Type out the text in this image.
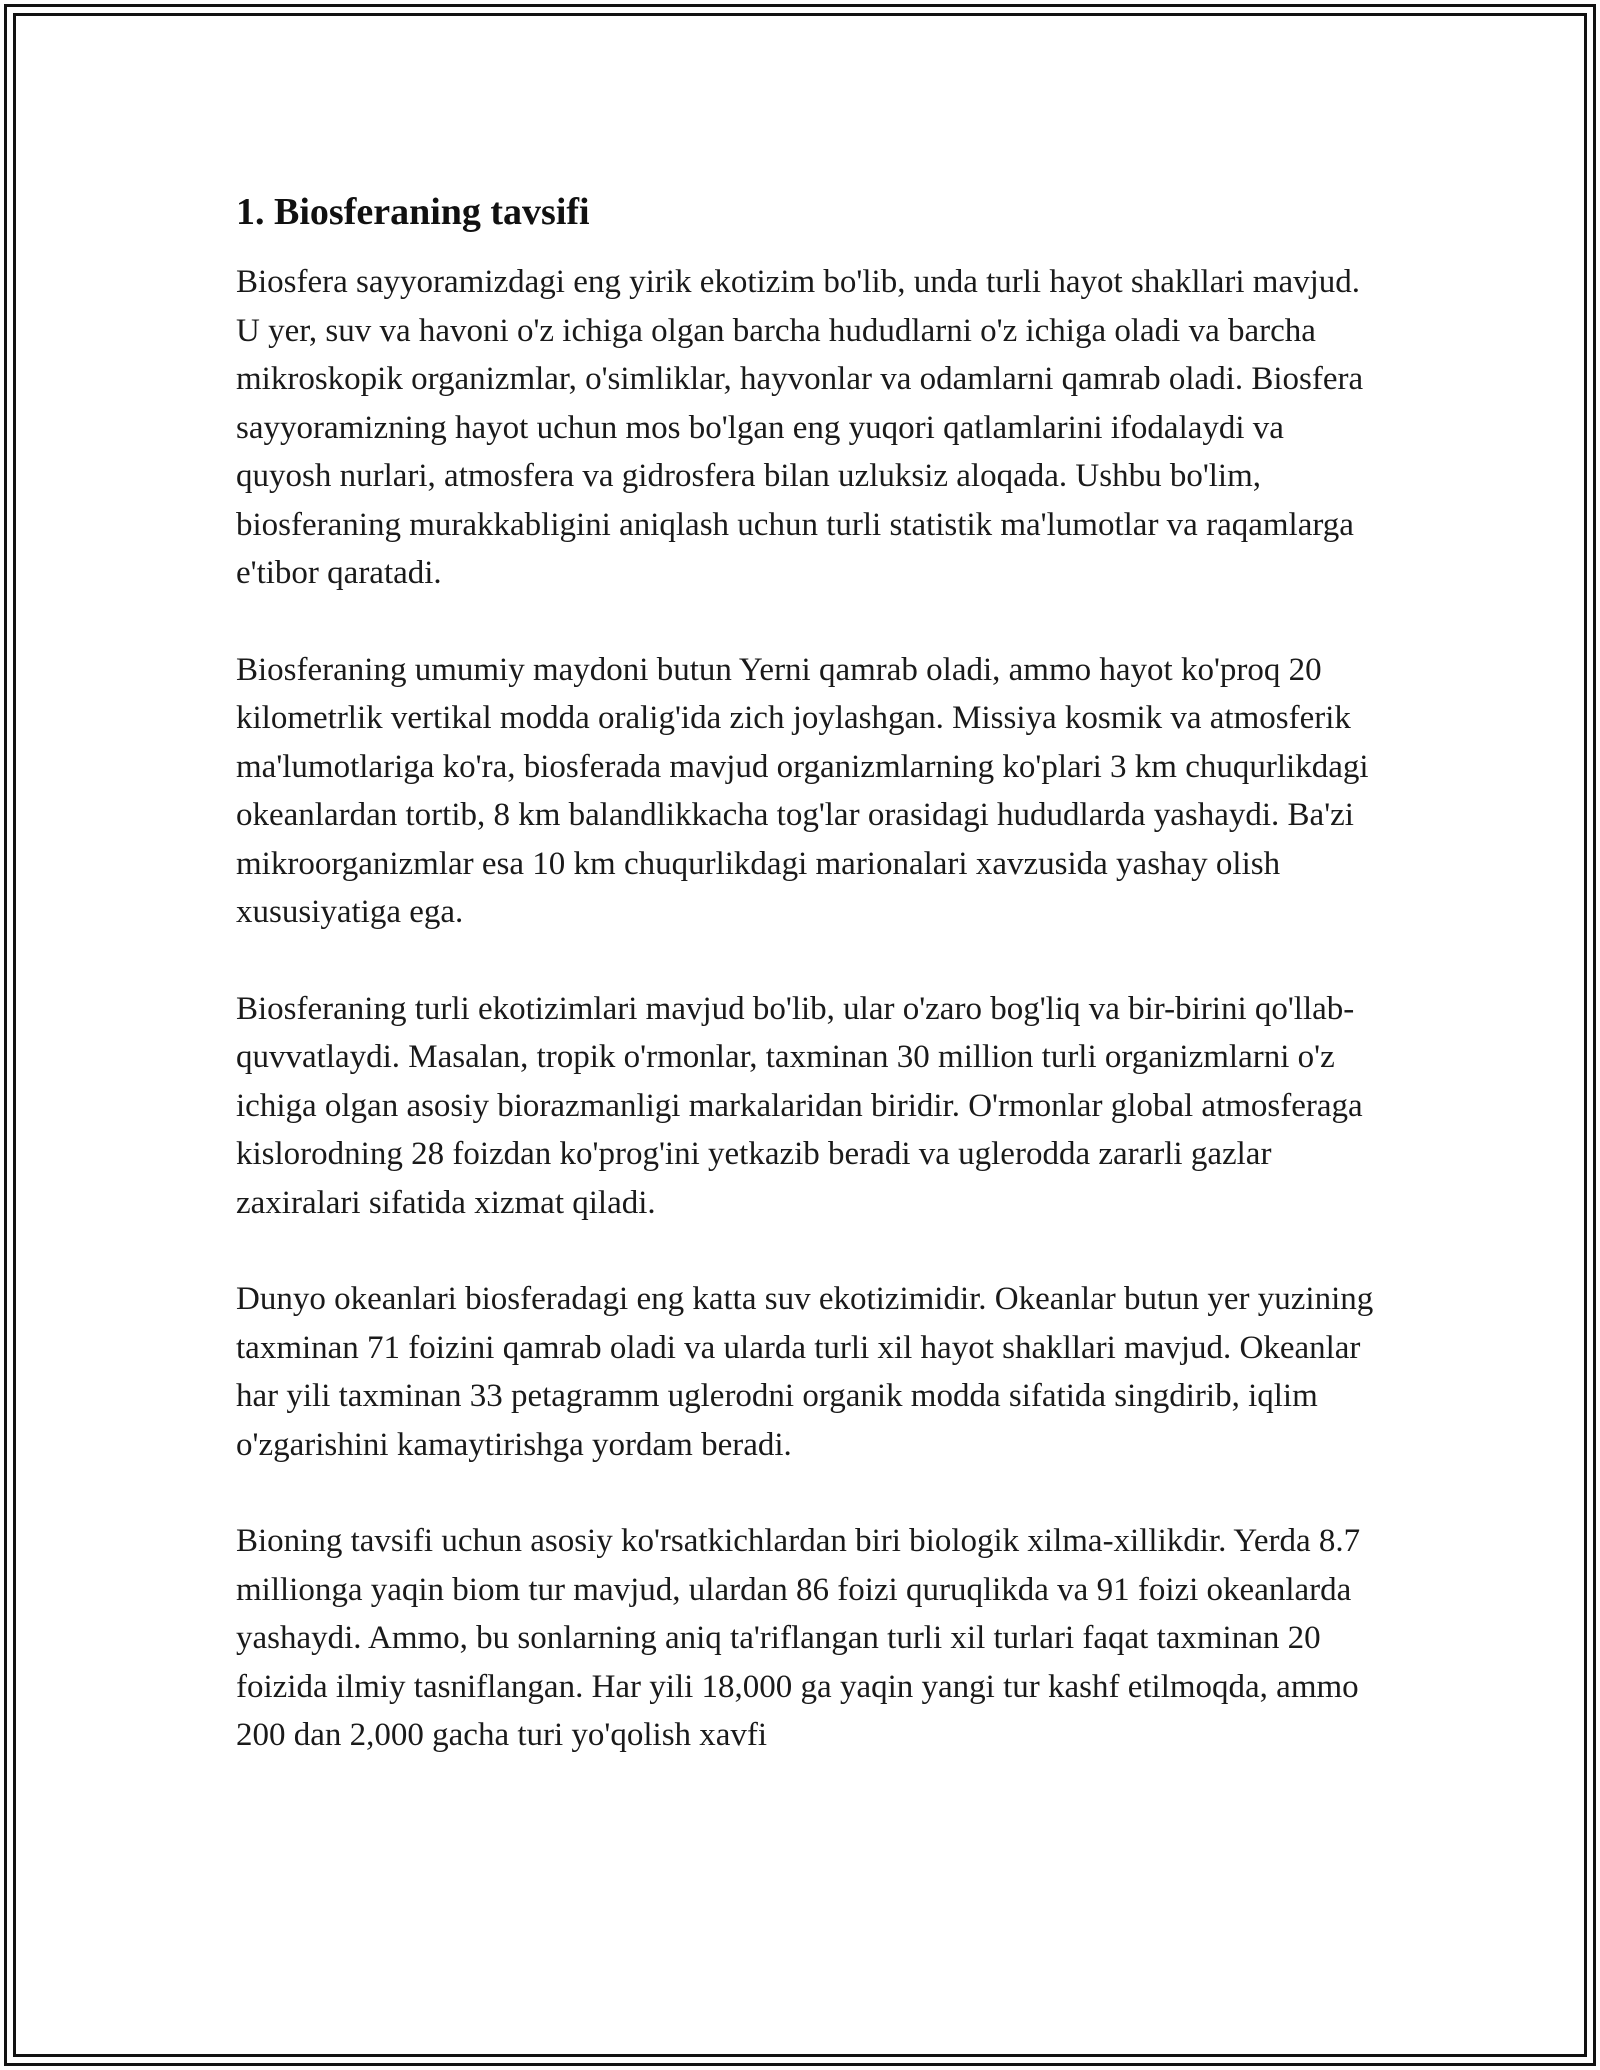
1. Biosferaning tavsifi

Biosfera sayyoramizdagi eng yirik ekotizim bo'lib, unda turli hayot shakllari mavjud. U yer, suv va havoni o'z ichiga olgan barcha hududlarni o'z ichiga oladi va barcha mikroskopik organizmlar, o'simliklar, hayvonlar va odamlarni qamrab oladi. Biosfera sayyoramizning hayot uchun mos bo'lgan eng yuqori qatlamlarini ifodalaydi va quyosh nurlari, atmosfera va gidrosfera bilan uzluksiz aloqada. Ushbu bo'lim, biosferaning murakkabligini aniqlash uchun turli statistik ma'lumotlar va raqamlarga e'tibor qaratadi.

Biosferaning umumiy maydoni butun Yerni qamrab oladi, ammo hayot ko'proq 20 kilometrlik vertikal modda oralig'ida zich joylashgan. Missiya kosmik va atmosferik ma'lumotlariga ko'ra, biosferada mavjud organizmlarning ko'plari 3 km chuqurlikdagi okeanlardan tortib, 8 km balandlikkacha tog'lar orasidagi hududlarda yashaydi. Ba'zi mikroorganizmlar esa 10 km chuqurlikdagi marionalari xavzusida yashay olish xususiyatiga ega.

Biosferaning turli ekotizimlari mavjud bo'lib, ular o'zaro bog'liq va bir-birini qo'llab-quvvatlaydi. Masalan, tropik o'rmonlar, taxminan 30 million turli organizmlarni o'z ichiga olgan asosiy biorazmanligi markalaridan biridir. O'rmonlar global atmosferaga kislorodning 28 foizdan ko'prog'ini yetkazib beradi va uglerodda zararli gazlar zaxiralari sifatida xizmat qiladi.

Dunyo okeanlari biosferadagi eng katta suv ekotizimidir. Okeanlar butun yer yuzining taxminan 71 foizini qamrab oladi va ularda turli xil hayot shakllari mavjud. Okeanlar har yili taxminan 33 petagramm uglerodni organik modda sifatida singdirib, iqlim o'zgarishini kamaytirishga yordam beradi.

Bioning tavsifi uchun asosiy ko'rsatkichlardan biri biologik xilma-xillikdir. Yerda 8.7 millionga yaqin biom tur mavjud, ulardan 86 foizi quruqlikda va 91 foizi okeanlarda yashaydi. Ammo, bu sonlarning aniq ta'riflangan turli xil turlari faqat taxminan 20 foizida ilmiy tasniflangan. Har yili 18,000 ga yaqin yangi tur kashf etilmoqda, ammo 200 dan 2,000 gacha turi yo'qolish xavfi
